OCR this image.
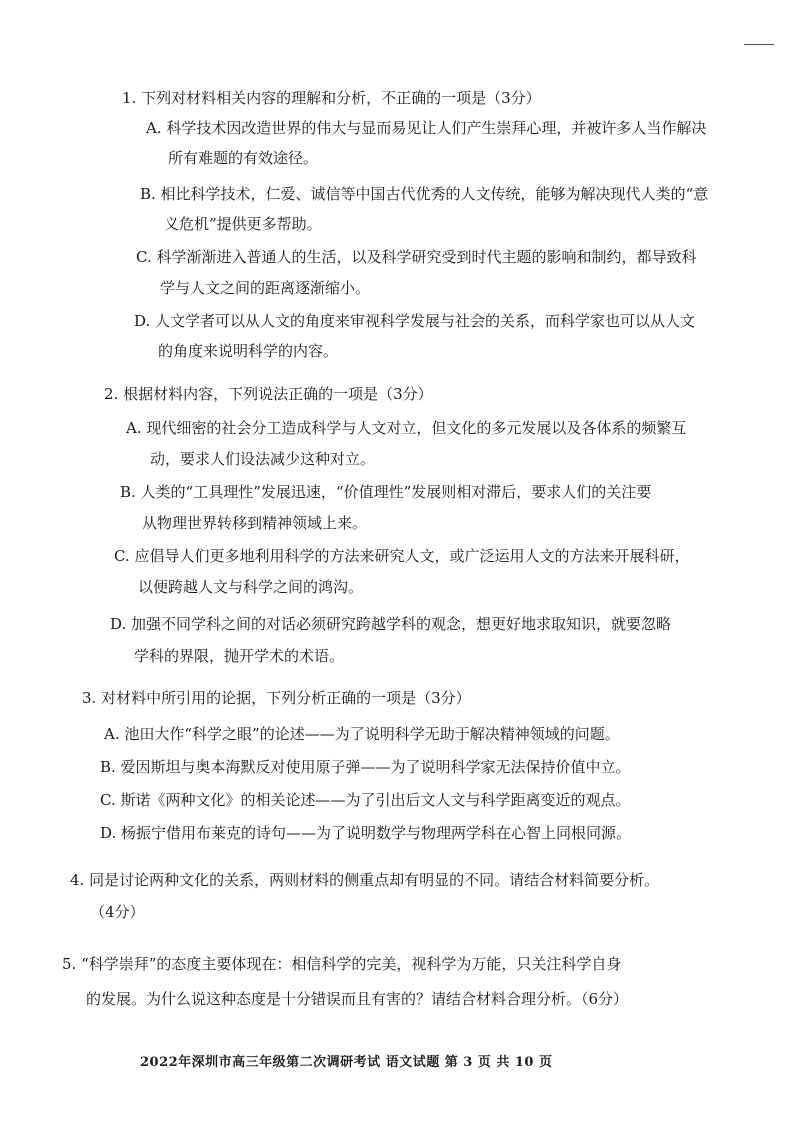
1. 下列对材料相关内容的理解和分析，不正确的一项是（3分）
A. 科学技术因改造世界的伟大与显而易见让人们产生崇拜心理，并被许多人当作解决
所有难题的有效途径。
B. 相比科学技术，仁爱、诚信等中国古代优秀的人文传统，能够为解决现代人类的“意
义危机”提供更多帮助。
C. 科学渐渐进入普通人的生活，以及科学研究受到时代主题的影响和制约，都导致科
学与人文之间的距离逐渐缩小。
D. 人文学者可以从人文的角度来审视科学发展与社会的关系，而科学家也可以从人文
的角度来说明科学的内容。
2. 根据材料内容，下列说法正确的一项是（3分）
A. 现代细密的社会分工造成科学与人文对立，但文化的多元发展以及各体系的频繁互
动，要求人们设法减少这种对立。
B. 人类的“工具理性”发展迅速，“价值理性”发展则相对滞后，要求人们的关注要
从物理世界转移到精神领域上来。
C. 应倡导人们更多地利用科学的方法来研究人文，或广泛运用人文的方法来开展科研，
以便跨越人文与科学之间的鸿沟。
D. 加强不同学科之间的对话必须研究跨越学科的观念，想更好地求取知识，就要忽略
学科的界限，抛开学术的术语。
3. 对材料中所引用的论据，下列分析正确的一项是（3分）
A. 池田大作“科学之眼”的论述——为了说明科学无助于解决精神领域的问题。
B. 爱因斯坦与奥本海默反对使用原子弹——为了说明科学家无法保持价值中立。
C. 斯诺《两种文化》的相关论述——为了引出后文人文与科学距离变近的观点。
D. 杨振宁借用布莱克的诗句——为了说明数学与物理两学科在心智上同根同源。
4. 同是讨论两种文化的关系，两则材料的侧重点却有明显的不同。请结合材料简要分析。
（4分）
5. “科学崇拜”的态度主要体现在：相信科学的完美，视科学为万能，只关注科学自身
的发展。为什么说这种态度是十分错误而且有害的？请结合材料合理分析。（6分）
2022年深圳市高三年级第二次调研考试 语文试题 第 3 页 共 10 页
